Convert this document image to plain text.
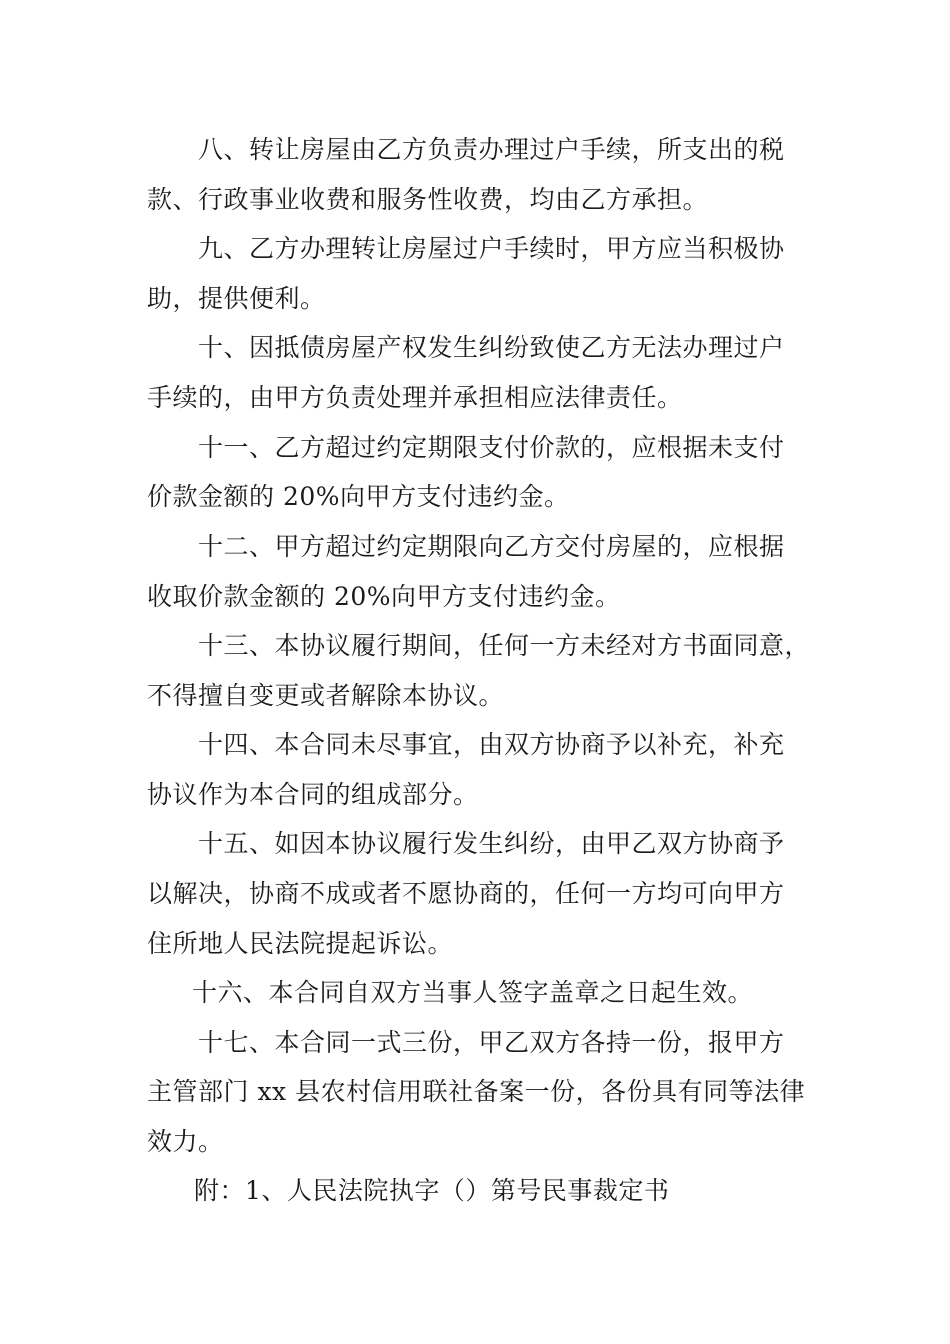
八、转让房屋由乙方负责办理过户手续，所支出的税
款、行政事业收费和服务性收费，均由乙方承担。
九、乙方办理转让房屋过户手续时，甲方应当积极协
助，提供便利。
十、因抵债房屋产权发生纠纷致使乙方无法办理过户
手续的，由甲方负责处理并承担相应法律责任。
十一、乙方超过约定期限支付价款的，应根据未支付
价款金额的 20%向甲方支付违约金。
十二、甲方超过约定期限向乙方交付房屋的，应根据
收取价款金额的 20%向甲方支付违约金。
十三、本协议履行期间，任何一方未经对方书面同意，
不得擅自变更或者解除本协议。
十四、本合同未尽事宜，由双方协商予以补充，补充
协议作为本合同的组成部分。
十五、如因本协议履行发生纠纷，由甲乙双方协商予
以解决，协商不成或者不愿协商的，任何一方均可向甲方
住所地人民法院提起诉讼。
十六、本合同自双方当事人签字盖章之日起生效。
十七、本合同一式三份，甲乙双方各持一份，报甲方
主管部门 xx 县农村信用联社备案一份，各份具有同等法律
效力。
附：1、人民法院执字（）第号民事裁定书
